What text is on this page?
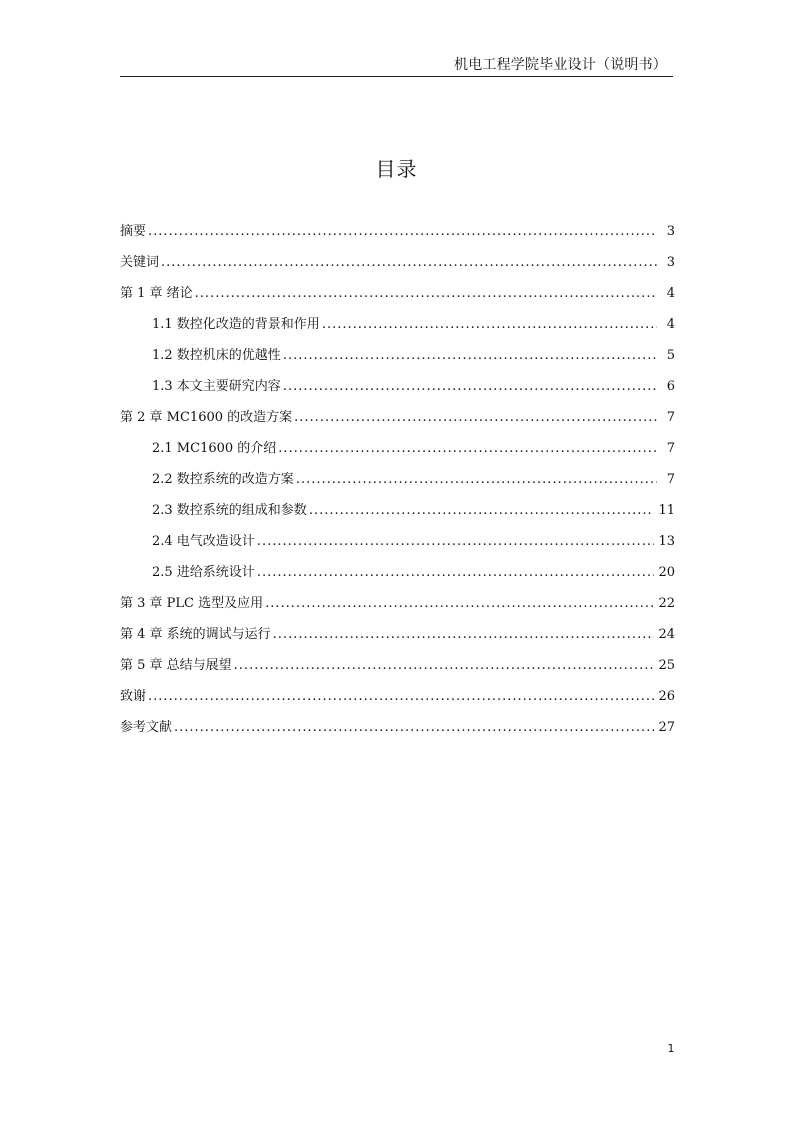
机电工程学院毕业设计（说明书）
目录
摘要 .....	3
关键词 .....	3
第 1 章 绪论 .....	4
1.1 数控化改造的背景和作用 .....	4
1.2 数控机床的优越性 .....	5
1.3 本文主要研究内容 .....	6
第 2 章 MC1600 的改造方案 .....	7
2.1 MC1600 的介绍 .....	7
2.2 数控系统的改造方案 .....	7
2.3 数控系统的组成和参数 .....	11
2.4 电气改造设计 .....	13
2.5 进给系统设计 .....	20
第 3 章 PLC 选型及应用 .....	22
第 4 章 系统的调试与运行 .....	24
第 5 章 总结与展望 .....	25
致谢 .....	26
参考文献 .....	27
1
